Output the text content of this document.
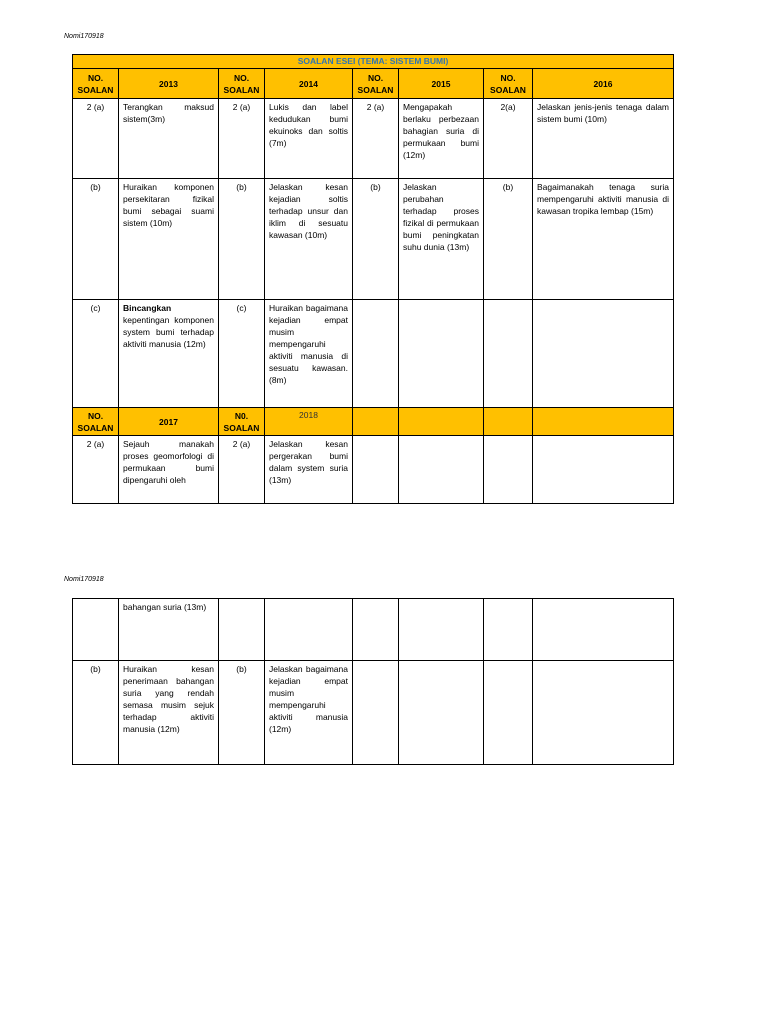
Nomi170918
SOALAN ESEI (TEMA: SISTEM BUMI)							
NO. SOALAN	2013	NO. SOALAN	2014	NO. SOALAN	2015	NO. SOALAN	2016
2 (a)	Terangkan maksud sistem(3m)	2 (a)	Lukis dan label kedudukan bumi ekuinoks dan soltis (7m)	2 (a)	Mengapakah berlaku perbezaan bahagian suria di permukaan bumi (12m)	2(a)	Jelaskan jenis-jenis tenaga dalam sistem bumi (10m)
(b)	Huraikan komponen persekitaran fizikal bumi sebagai suami sistem (10m)	(b)	Jelaskan kesan kejadian soltis terhadap unsur dan iklim di sesuatu kawasan (10m)	(b)	Jelaskan perubahan terhadap proses fizikal di permukaan bumi peningkatan suhu dunia (13m)	(b)	Bagaimanakah tenaga suria mempengaruhi aktiviti manusia di kawasan tropika lembap (15m)
(c)	Bincangkan kepentingan komponen system bumi terhadap aktiviti manusia (12m)	(c)	Huraikan bagaimana kejadian empat musim mempengaruhi aktiviti manusia di sesuatu kawasan. (8m)				
NO. SOALAN	2017	N0. SOALAN	2018				
2 (a)	Sejauh manakah proses geomorfologi di permukaan bumi dipengaruhi oleh	2 (a)	Jelaskan kesan pergerakan bumi dalam system suria (13m)				
Nomi170918
	bahangan suria (13m)						
(b)	Huraikan kesan penerimaan bahangan suria yang rendah semasa musim sejuk terhadap aktiviti manusia (12m)	(b)	Jelaskan bagaimana kejadian empat musim mempengaruhi aktiviti manusia (12m)				
